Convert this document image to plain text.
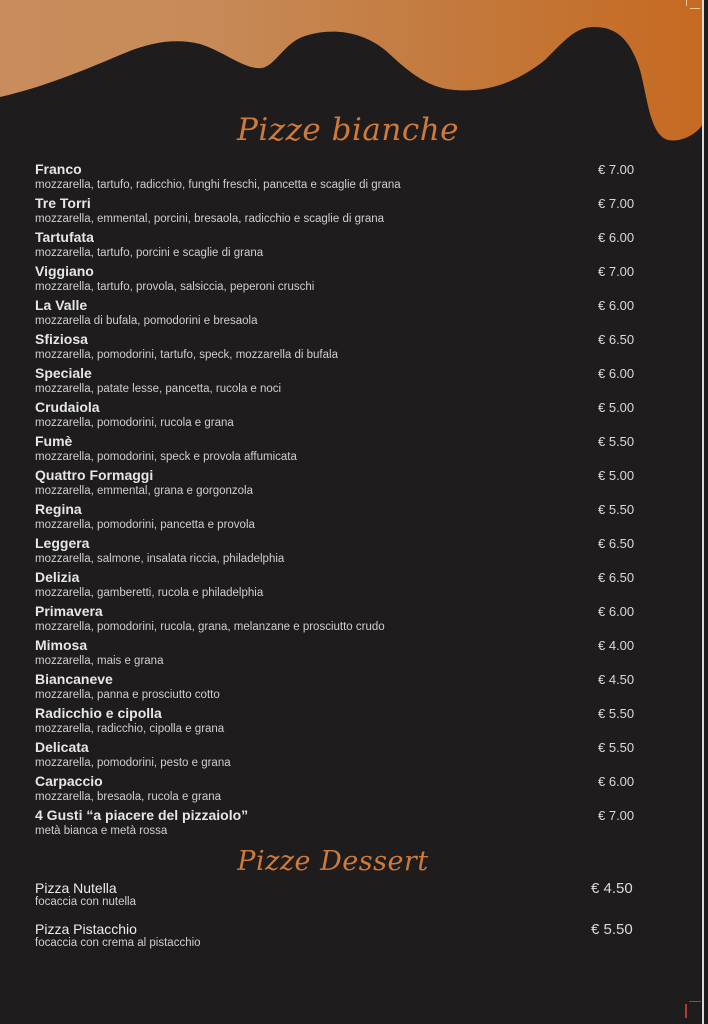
Pizze bianche
Franco
mozzarella, tartufo, radicchio, funghi freschi, pancetta e scaglie di grana
€ 7.00
Tre Torri
mozzarella, emmental, porcini, bresaola, radicchio e scaglie di grana
€ 7.00
Tartufata
mozzarella, tartufo, porcini e scaglie di grana
€ 6.00
Viggiano
mozzarella, tartufo, provola, salsiccia, peperoni cruschi
€ 7.00
La Valle
mozzarella di bufala, pomodorini e bresaola
€ 6.00
Sfiziosa
mozzarella, pomodorini, tartufo, speck, mozzarella di bufala
€ 6.50
Speciale
mozzarella, patate lesse, pancetta, rucola e noci
€ 6.00
Crudaiola
mozzarella, pomodorini, rucola e grana
€ 5.00
Fumè
mozzarella, pomodorini, speck e provola affumicata
€ 5.50
Quattro Formaggi
mozzarella, emmental, grana e gorgonzola
€ 5.00
Regina
mozzarella, pomodorini, pancetta e provola
€ 5.50
Leggera
mozzarella, salmone, insalata riccia, philadelphia
€ 6.50
Delizia
mozzarella, gamberetti, rucola e philadelphia
€ 6.50
Primavera
mozzarella, pomodorini, rucola, grana, melanzane e prosciutto crudo
€ 6.00
Mimosa
mozzarella, mais e grana
€ 4.00
Biancaneve
mozzarella, panna e prosciutto cotto
€ 4.50
Radicchio e cipolla
mozzarella, radicchio, cipolla e grana
€ 5.50
Delicata
mozzarella, pomodorini, pesto e grana
€ 5.50
Carpaccio
mozzarella, bresaola, rucola e grana
€ 6.00
4 Gusti “a piacere del pizzaiolo”
metà bianca e metà rossa
€ 7.00
Pizze Dessert
Pizza Nutella
focaccia con nutella
€ 4.50
Pizza Pistacchio
focaccia con crema al pistacchio
€ 5.50
